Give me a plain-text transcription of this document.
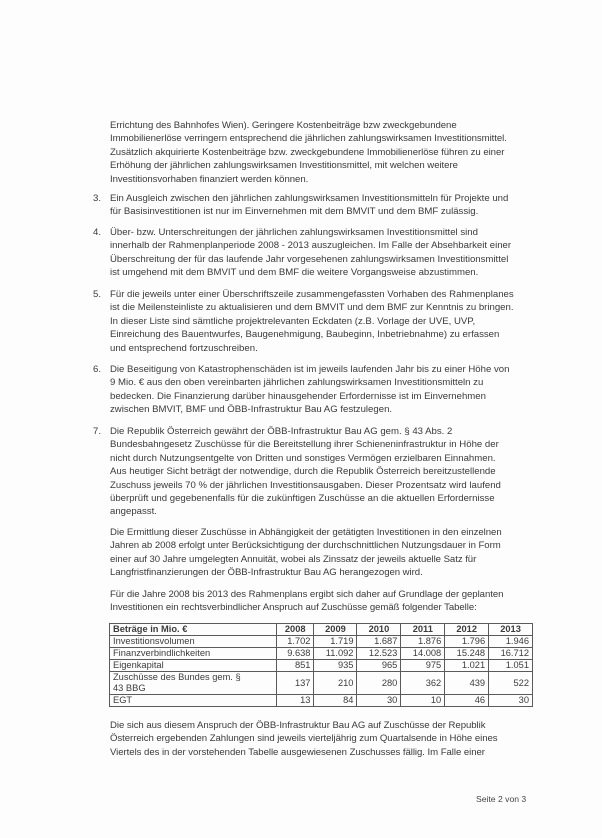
Errichtung des Bahnhofes Wien). Geringere Kostenbeiträge bzw zweckgebundene
Immobilienerlöse verringern entsprechend die jährlichen zahlungswirksamen Investitionsmittel.
Zusätzlich akquirierte Kostenbeiträge bzw. zweckgebundene Immobilienerlöse führen zu einer
Erhöhung der jährlichen zahlungswirksamen Investitionsmittel, mit welchen weitere
Investitionsvorhaben finanziert werden können.
3. Ein Ausgleich zwischen den jährlichen zahlungswirksamen Investitionsmitteln für Projekte und
für Basisinvestitionen ist nur im Einvernehmen mit dem BMVIT und dem BMF zulässig.
4. Über- bzw. Unterschreitungen der jährlichen zahlungswirksamen Investitionsmittel sind
innerhalb der Rahmenplanperiode 2008 - 2013 auszugleichen. Im Falle der Absehbarkeit einer
Überschreitung der für das laufende Jahr vorgesehenen zahlungswirksamen Investitionsmittel
ist umgehend mit dem BMVIT und dem BMF die weitere Vorgangsweise abzustimmen.
5. Für die jeweils unter einer Überschriftszeile zusammengefassten Vorhaben des Rahmenplanes
ist die Meilensteinliste zu aktualisieren und dem BMVIT und dem BMF zur Kenntnis zu bringen.
In dieser Liste sind sämtliche projektrelevanten Eckdaten (z.B. Vorlage der UVE, UVP,
Einreichung des Bauentwurfes, Baugenehmigung, Baubeginn, Inbetriebnahme) zu erfassen
und entsprechend fortzuschreiben.
6. Die Beseitigung von Katastrophenschäden ist im jeweils laufenden Jahr bis zu einer Höhe von
9 Mio. € aus den oben vereinbarten jährlichen zahlungswirksamen Investitionsmitteln zu
bedecken. Die Finanzierung darüber hinausgehender Erfordernisse ist im Einvernehmen
zwischen BMVIT, BMF und ÖBB-Infrastruktur Bau AG festzulegen.
7. Die Republik Österreich gewährt der ÖBB-Infrastruktur Bau AG gem. § 43 Abs. 2
Bundesbahngesetz Zuschüsse für die Bereitstellung ihrer Schieneninfrastruktur in Höhe der
nicht durch Nutzungsentgelte von Dritten und sonstiges Vermögen erzielbaren Einnahmen.
Aus heutiger Sicht beträgt der notwendige, durch die Republik Österreich bereitzustellende
Zuschuss jeweils 70 % der jährlichen Investitionsausgaben. Dieser Prozentsatz wird laufend
überprüft und gegebenenfalls für die zukünftigen Zuschüsse an die aktuellen Erfordernisse
angepasst.
Die Ermittlung dieser Zuschüsse in Abhängigkeit der getätigten Investitionen in den einzelnen
Jahren ab 2008 erfolgt unter Berücksichtigung der durchschnittlichen Nutzungsdauer in Form
einer auf 30 Jahre umgelegten Annuität, wobei als Zinssatz der jeweils aktuelle Satz für
Langfristfinanzierungen der ÖBB-Infrastruktur Bau AG herangezogen wird.
Für die Jahre 2008 bis 2013 des Rahmenplans ergibt sich daher auf Grundlage der geplanten
Investitionen ein rechtsverbindlicher Anspruch auf Zuschüsse gemäß folgender Tabelle:
Beträge in Mio. €	2008	2009	2010	2011	2012	2013
Investitionsvolumen	1.702	1.719	1.687	1.876	1.796	1.946
Finanzverbindlichkeiten	9.638	11.092	12.523	14.008	15.248	16.712
Eigenkapital	851	935	965	975	1.021	1.051

Zuschüsse des Bundes gem. §
43 BBG	137	210	280	362	439	522
EGT	13	84	30	10	46	30
Die sich aus diesem Anspruch der ÖBB-Infrastruktur Bau AG auf Zuschüsse der Republik
Österreich ergebenden Zahlungen sind jeweils vierteljährig zum Quartalsende in Höhe eines
Viertels des in der vorstehenden Tabelle ausgewiesenen Zuschusses fällig. Im Falle einer
Seite 2 von 3
